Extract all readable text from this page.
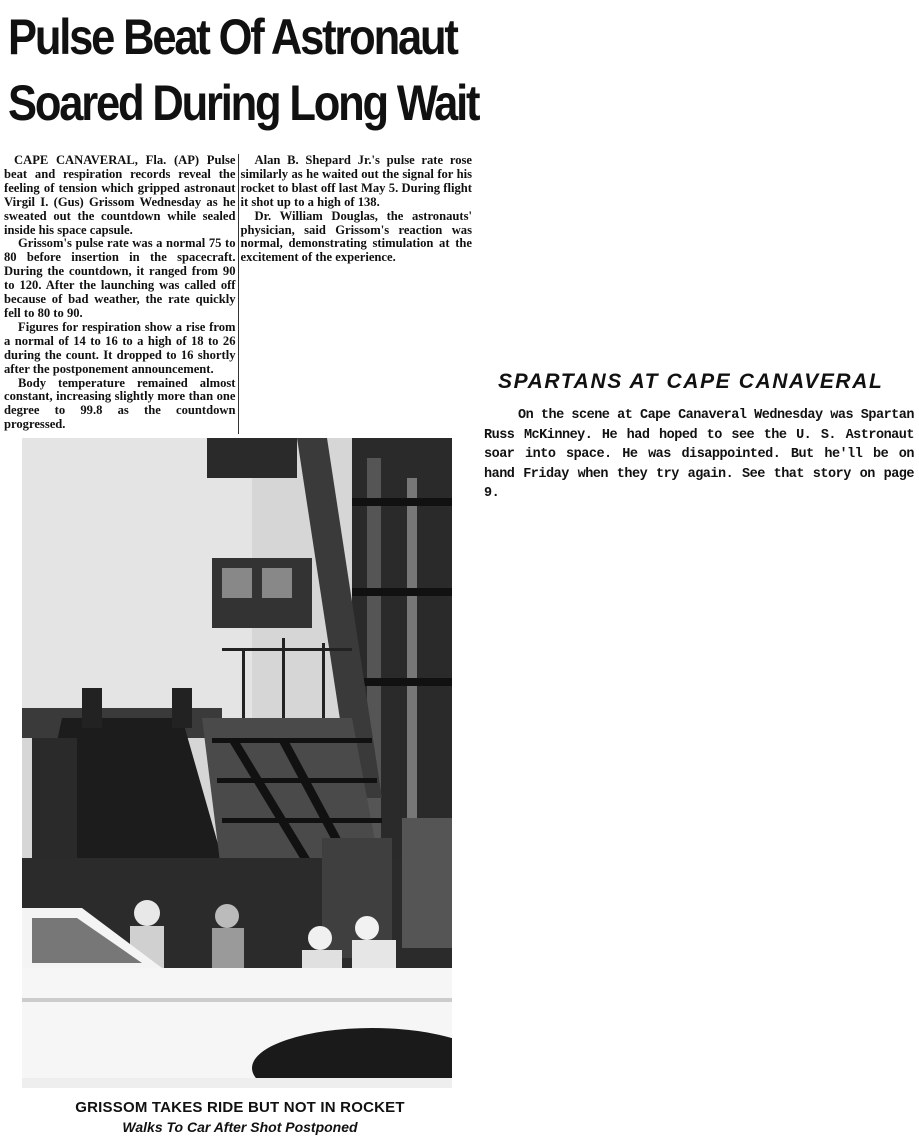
Pulse Beat Of Astronaut
Soared During Long Wait

CAPE CANAVERAL, Fla. (AP) Pulse beat and respiration records reveal the feeling of tension which gripped astronaut Virgil I. (Gus) Grissom Wednesday as he sweated out the countdown while sealed inside his space capsule.

Grissom's pulse rate was a normal 75 to 80 before insertion in the spacecraft. During the countdown, it ranged from 90 to 120. After the launching was called off because of bad weather, the rate quickly fell to 80 to 90.

Figures for respiration show a rise from a normal of 14 to 16 to a high of 18 to 26 during the count. It dropped to 16 shortly after the postponement announcement.

Body temperature remained almost constant, increasing slightly more than one degree to 99.8 as the countdown progressed.

Alan B. Shepard Jr.'s pulse rate rose similarly as he waited out the signal for his rocket to blast off last May 5. During flight it shot up to a high of 138.

Dr. William Douglas, the astronauts' physician, said Grissom's reaction was normal, demonstrating stimulation at the excitement of the experience.

GRISSOM TAKES RIDE BUT NOT IN ROCKET
Walks To Car After Shot Postponed
SPARTANS AT CAPE CANAVERAL

On the scene at Cape Canaveral Wednesday was Spartan Russ McKinney. He had hoped to see the U. S. Astronaut soar into space. He was disappointed. But he'll be on hand Friday when they try again. See that story on page 9.
